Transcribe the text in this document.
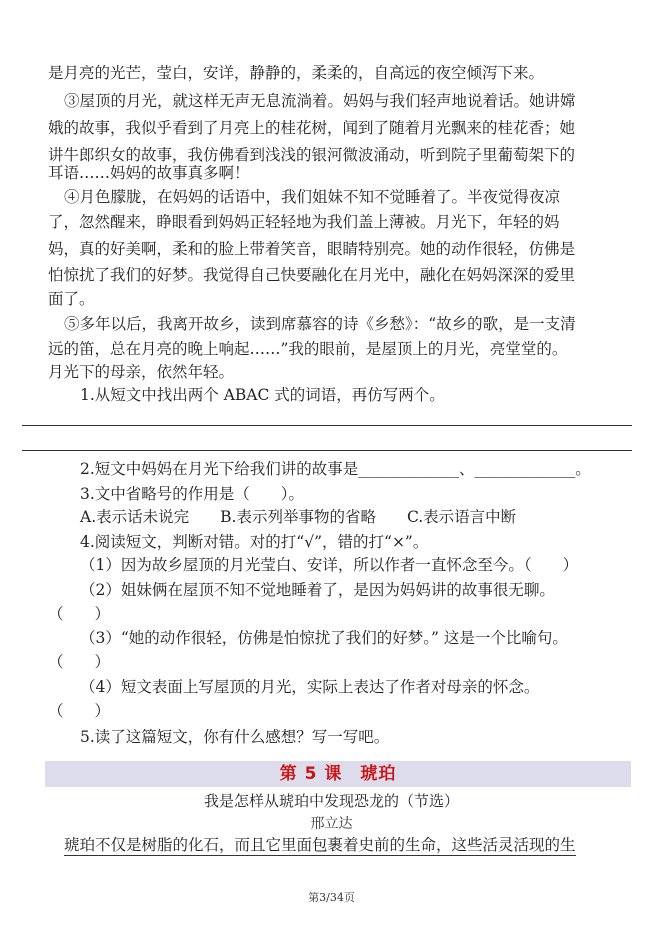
是月亮的光芒，莹白，安详，静静的，柔柔的，自高远的夜空倾泻下来。
③屋顶的月光，就这样无声无息流淌着。妈妈与我们轻声地说着话。她讲嫦
娥的故事，我似乎看到了月亮上的桂花树，闻到了随着月光飘来的桂花香；她
讲牛郎织女的故事，我仿佛看到浅浅的银河微波涌动，听到院子里葡萄架下的
耳语……妈妈的故事真多啊！
④月色朦胧，在妈妈的话语中，我们姐妹不知不觉睡着了。半夜觉得夜凉
了，忽然醒来，睁眼看到妈妈正轻轻地为我们盖上薄被。月光下，年轻的妈
妈，真的好美啊，柔和的脸上带着笑音，眼睛特别亮。她的动作很轻，仿佛是
怕惊扰了我们的好梦。我觉得自己快要融化在月光中，融化在妈妈深深的爱里
面了。
⑤多年以后，我离开故乡，读到席慕容的诗《乡愁》：“故乡的歌，是一支清
远的笛，总在月亮的晚上响起……”我的眼前，是屋顶上的月光，亮堂堂的。
月光下的母亲，依然年轻。
1.从短文中找出两个 ABAC 式的词语，再仿写两个。
2.短文中妈妈在月光下给我们讲的故事是_____________、_____________。
3.文中省略号的作用是（　　）。
A.表示话未说完　　B.表示列举事物的省略　　C.表示语言中断
4.阅读短文，判断对错。对的打“√”，错的打“×”。
（1）因为故乡屋顶的月光莹白、安详，所以作者一直怀念至今。（　　）
（2）姐妹俩在屋顶不知不觉地睡着了，是因为妈妈讲的故事很无聊。
（　　）
（3）“她的动作很轻，仿佛是怕惊扰了我们的好梦。” 这是一个比喻句。
（　　）
（4）短文表面上写屋顶的月光，实际上表达了作者对母亲的怀念。
（　　）
5.读了这篇短文，你有什么感想？写一写吧。
第 5 课　琥珀
我是怎样从琥珀中发现恐龙的（节选）
邢立达
琥珀不仅是树脂的化石，而且它里面包裹着史前的生命，这些活灵活现的生
第3/34页
